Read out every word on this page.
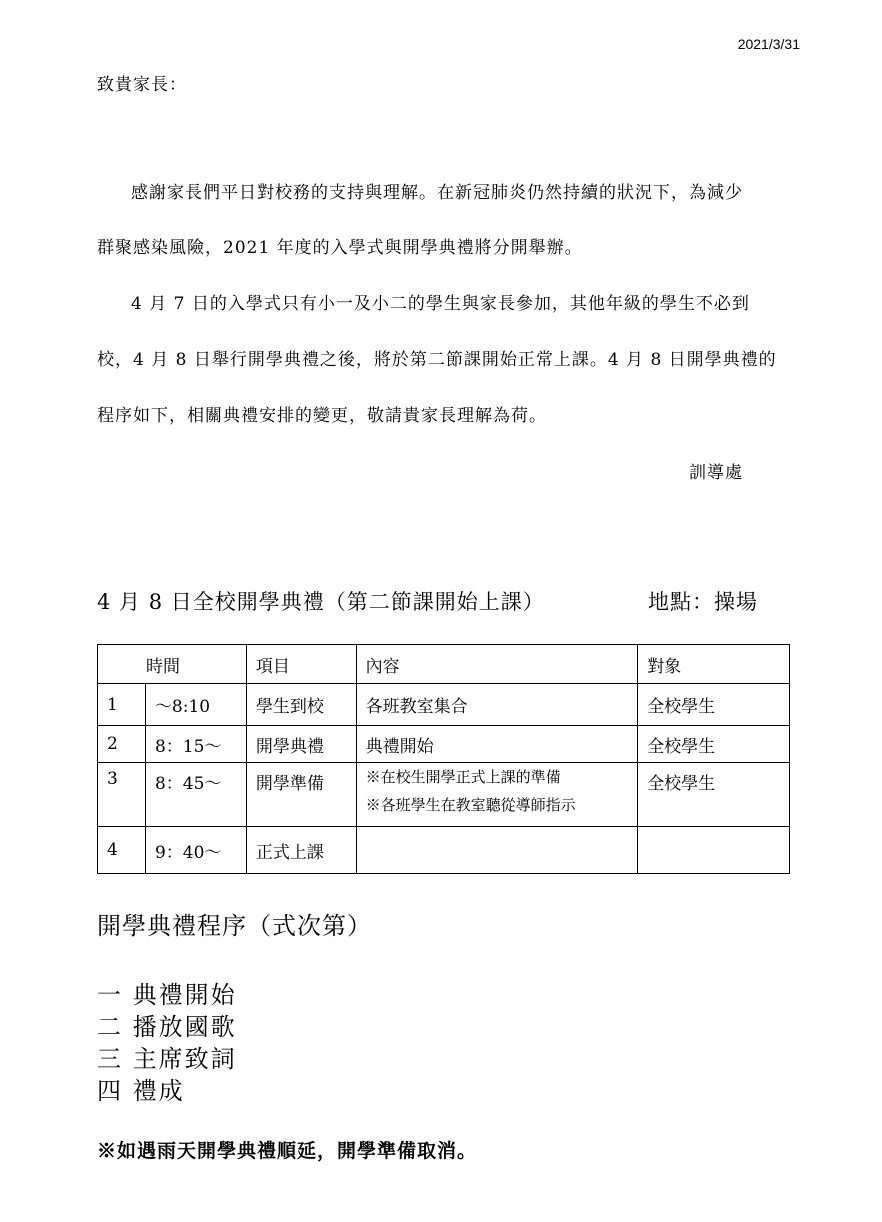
2021/3/31
致貴家長：
感謝家長們平日對校務的支持與理解。在新冠肺炎仍然持續的狀況下，為減少
群聚感染風險，2021 年度的入學式與開學典禮將分開舉辦。
4 月 7 日的入學式只有小一及小二的學生與家長參加，其他年級的學生不必到
校，4 月 8 日舉行開學典禮之後，將於第二節課開始正常上課。4 月 8 日開學典禮的
程序如下，相關典禮安排的變更，敬請貴家長理解為荷。
訓導處
4 月 8 日全校開學典禮（第二節課開始上課）	地點：操場
時間		項目	內容	對象
1	～8:10	學生到校	各班教室集合	全校學生
2	8：15～	開學典禮	典禮開始	全校學生
3	8：45～	開學準備	※在校生開學正式上課的準備
※各班學生在教室聽從導師指示	全校學生
4	9：40～	正式上課		
開學典禮程序（式次第）
一 典禮開始
二 播放國歌
三 主席致詞
四 禮成
※如遇雨天開學典禮順延，開學準備取消。
